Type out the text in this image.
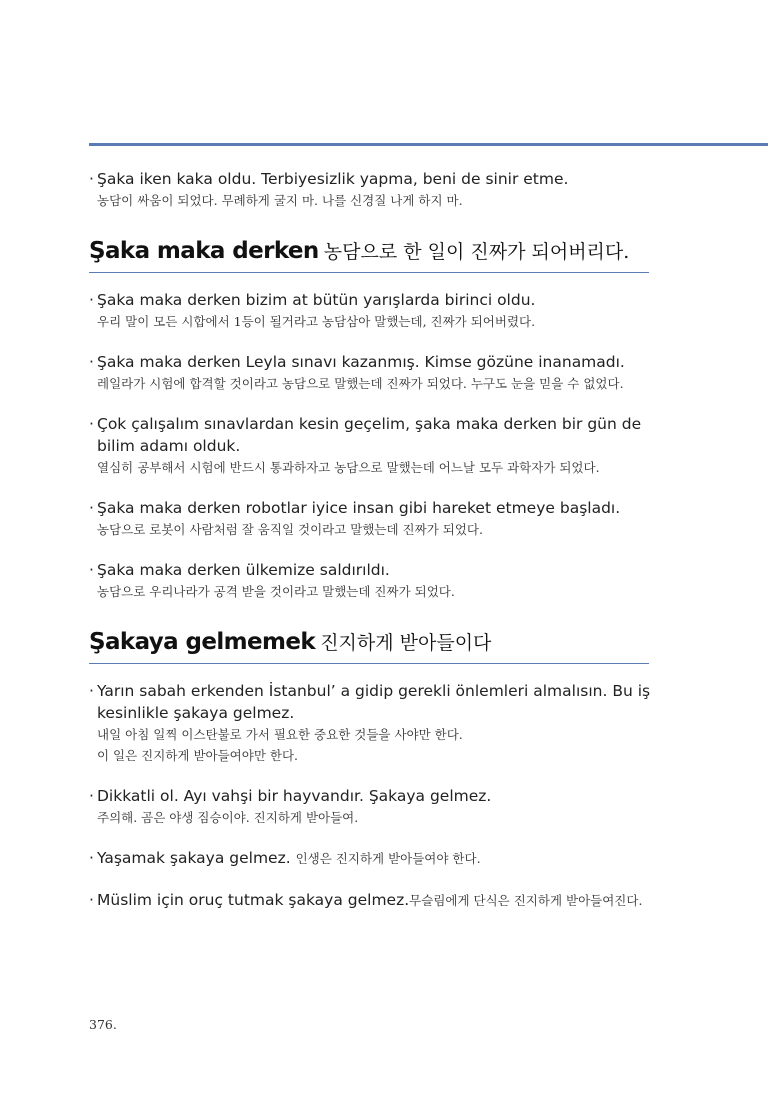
· Şaka iken kaka oldu. Terbiyesizlik yapma, beni de sinir etme.
농담이 싸움이 되었다. 무례하게 굴지 마. 나를 신경질 나게 하지 마.
Şaka maka derken 농담으로 한 일이 진짜가 되어버리다.
· Şaka maka derken bizim at bütün yarışlarda birinci oldu.
우리 말이 모든 시합에서 1등이 될거라고 농담삼아 말했는데, 진짜가 되어버렸다.
· Şaka maka derken Leyla sınavı kazanmış. Kimse gözüne inanamadı.
레일라가 시험에 합격할 것이라고 농담으로 말했는데 진짜가 되었다. 누구도 눈을 믿을 수 없었다.
· Çok çalışalım sınavlardan kesin geçelim, şaka maka derken bir gün de bilim adamı olduk.
열심히 공부해서 시험에 반드시 통과하자고 농담으로 말했는데 어느날 모두 과학자가 되었다.
· Şaka maka derken robotlar iyice insan gibi hareket etmeye başladı.
농담으로 로봇이 사람처럼 잘 움직일 것이라고 말했는데 진짜가 되었다.
· Şaka maka derken ülkemize saldırıldı.
농담으로 우리나라가 공격 받을 것이라고 말했는데 진짜가 되었다.
Şakaya gelmemek 진지하게 받아들이다
· Yarın sabah erkenden İstanbul’ a gidip gerekli önlemleri almalısın. Bu iş kesinlikle şakaya gelmez.
내일 아침 일찍 이스탄불로 가서 필요한 중요한 것들을 사야만 한다.
이 일은 진지하게 받아들여야만 한다.
· Dikkatli ol. Ayı vahşi bir hayvandır. Şakaya gelmez.
주의해. 곰은 야생 짐승이야. 진지하게 받아들여.
· Yaşamak şakaya gelmez. 인생은 진지하게 받아들여야 한다.
· Müslim için oruç tutmak şakaya gelmez.무슬림에게 단식은 진지하게 받아들여진다.
376.
